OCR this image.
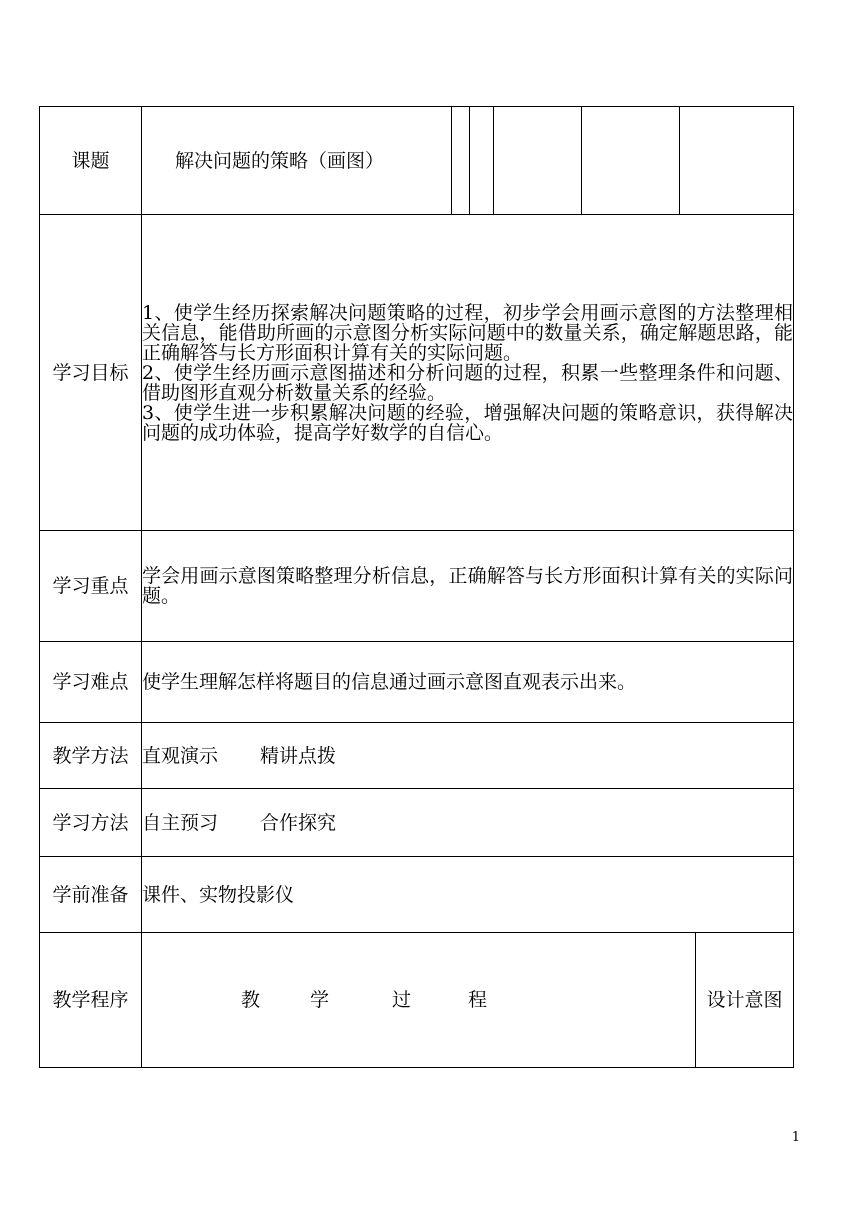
课题	解决问题的策略（画图）						
学习目标	1、使学生经历探索解决问题策略的过程，初步学会用画示意图的方法整理相关信息，能借助所画的示意图分析实际问题中的数量关系，确定解题思路，能正确解答与长方形面积计算有关的实际问题。

2、使学生经历画示意图描述和分析问题的过程，积累一些整理条件和问题、借助图形直观分析数量关系的经验。

3、使学生进一步积累解决问题的经验，增强解决问题的策略意识，获得解决问题的成功体验，提高学好数学的自信心。						

学习重点	学会用画示意图策略整理分析信息，正确解答与长方形面积计算有关的实际问题。						
学习难点	使学生理解怎样将题目的信息通过画示意图直观表示出来。						
教学方法	直观演示 精讲点拨						
学习方法	自主预习 合作探究						
学前准备	课件、实物投影仪						
教学程序	教 学 过 程						设计意图
1
